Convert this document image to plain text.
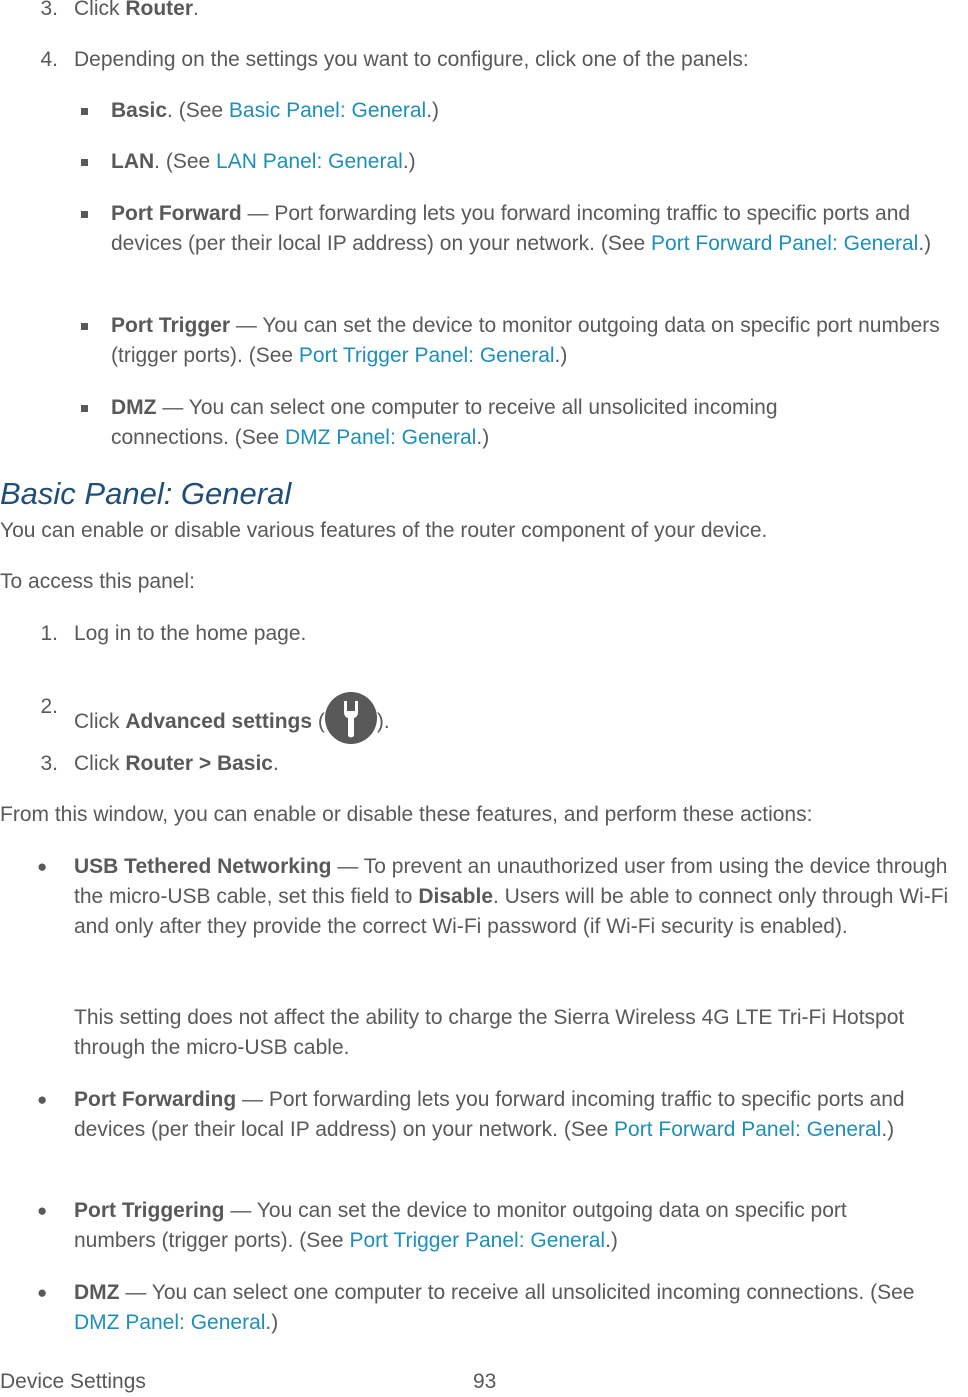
3. Click Router.
4. Depending on the settings you want to configure, click one of the panels:
Basic. (See Basic Panel: General.)
LAN. (See LAN Panel: General.)
Port Forward — Port forwarding lets you forward incoming traffic to specific ports and devices (per their local IP address) on your network. (See Port Forward Panel: General.)
Port Trigger — You can set the device to monitor outgoing data on specific port numbers (trigger ports). (See Port Trigger Panel: General.)
DMZ — You can select one computer to receive all unsolicited incoming connections. (See DMZ Panel: General.)
Basic Panel: General
You can enable or disable various features of the router component of your device.
To access this panel:
1. Log in to the home page.
2.
Click Advanced settings ( ).
3. Click Router > Basic.
From this window, you can enable or disable these features, and perform these actions:
● USB Tethered Networking — To prevent an unauthorized user from using the device through the micro-USB cable, set this field to Disable. Users will be able to connect only through Wi-Fi and only after they provide the correct Wi-Fi password (if Wi-Fi security is enabled).
This setting does not affect the ability to charge the Sierra Wireless 4G LTE Tri-Fi Hotspot through the micro-USB cable.
● Port Forwarding — Port forwarding lets you forward incoming traffic to specific ports and devices (per their local IP address) on your network. (See Port Forward Panel: General.)
● Port Triggering — You can set the device to monitor outgoing data on specific port numbers (trigger ports). (See Port Trigger Panel: General.)
● DMZ — You can select one computer to receive all unsolicited incoming connections. (See DMZ Panel: General.)
Device Settings	93
